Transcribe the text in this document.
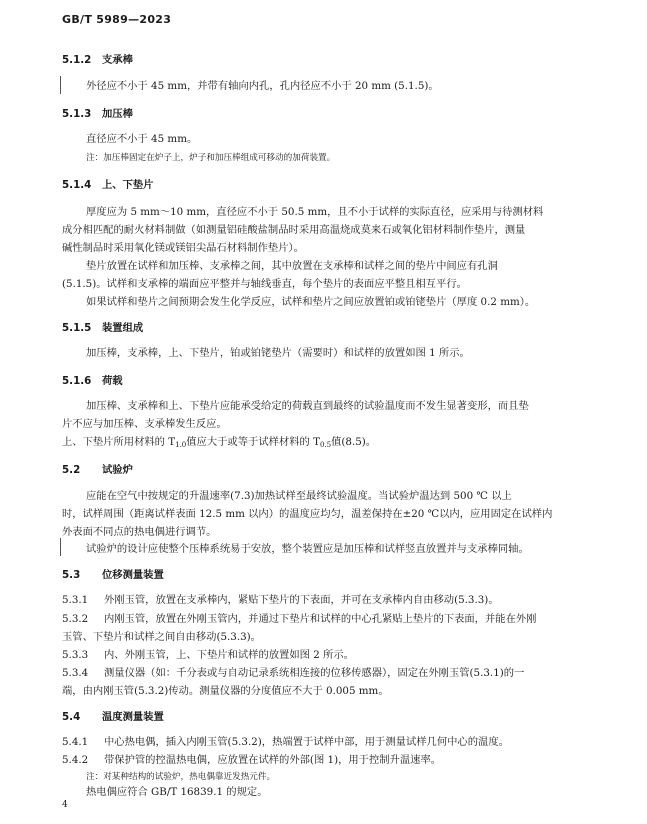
GB/T 5989—2023
5.1.2 支承棒
外径应不小于 45 mm，并带有轴向内孔，孔内径应不小于 20 mm (5.1.5)。
5.1.3 加压棒
直径应不小于 45 mm。
注：加压棒固定在炉子上，炉子和加压棒组成可移动的加荷装置。
5.1.4 上、下垫片
厚度应为 5 mm～10 mm，直径应不小于 50.5 mm，且不小于试样的实际直径，应采用与待测材料
成分相匹配的耐火材料制做（如测量铝硅酸盐制品时采用高温烧成莫来石或氧化铝材料制作垫片，测量
碱性制品时采用氧化镁或镁铝尖晶石材料制作垫片）。
垫片放置在试样和加压棒、支承棒之间，其中放置在支承棒和试样之间的垫片中间应有孔洞
(5.1.5)。试样和支承棒的端面应平整并与轴线垂直，每个垫片的表面应平整且相互平行。
如果试样和垫片之间预期会发生化学反应，试样和垫片之间应放置铂或铂铑垫片（厚度 0.2 mm）。
5.1.5 装置组成
加压棒，支承棒，上、下垫片，铂或铂铑垫片（需要时）和试样的放置如图 1 所示。
5.1.6 荷载
加压棒、支承棒和上、下垫片应能承受给定的荷载直到最终的试验温度而不发生显著变形，而且垫
片不应与加压棒、支承棒发生反应。
上、下垫片所用材料的 $T_{1.0}$值应大于或等于试样材料的 $T_{0.5}$值(8.5)。
5.2 试验炉
应能在空气中按规定的升温速率(7.3)加热试样至最终试验温度。当试验炉温达到 500 ℃ 以上
时，试样周围（距离试样表面 12.5 mm 以内）的温度应均匀，温差保持在±20 ℃以内，应用固定在试样内
外表面不同点的热电偶进行调节。
试验炉的设计应使整个压棒系统易于安放，整个装置应是加压棒和试样竖直放置并与支承棒同轴。
5.3 位移测量装置
5.3.1 外刚玉管，放置在支承棒内，紧贴下垫片的下表面，并可在支承棒内自由移动(5.3.3)。
5.3.2 内刚玉管，放置在外刚玉管内，并通过下垫片和试样的中心孔紧贴上垫片的下表面，并能在外刚
玉管、下垫片和试样之间自由移动(5.3.3)。
5.3.3 内、外刚玉管，上、下垫片和试样的放置如图 2 所示。
5.3.4 测量仪器（如：千分表或与自动记录系统相连接的位移传感器），固定在外刚玉管(5.3.1)的一
端，由内刚玉管(5.3.2)传动。测量仪器的分度值应不大于 0.005 mm。
5.4 温度测量装置
5.4.1 中心热电偶，插入内刚玉管(5.3.2)，热端置于试样中部，用于测量试样几何中心的温度。
5.4.2 带保护管的控温热电偶，应放置在试样的外部(图 1)，用于控制升温速率。
注：对某种结构的试验炉，热电偶靠近发热元件。
热电偶应符合 GB/T 16839.1 的规定。
4
